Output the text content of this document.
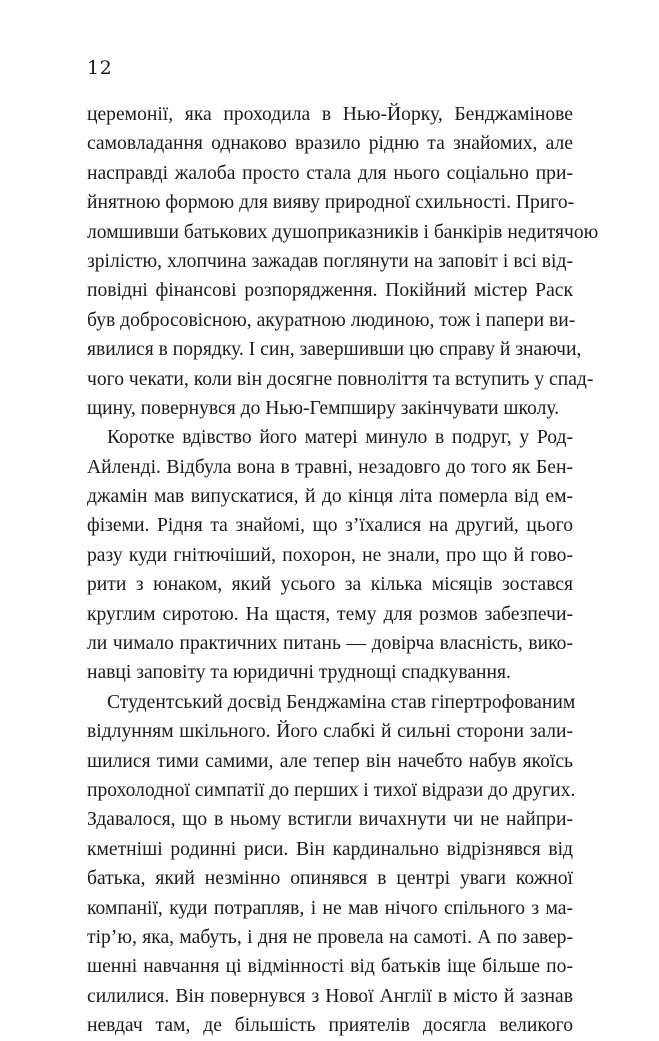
12

церемонії, яка проходила в Нью-Йорку, Бенджамінове
самовладання однаково вразило рідню та знайомих, але
насправді жалоба просто стала для нього соціально при-
йнятною формою для вияву природної схильності. Приго-
ломшивши батькових душоприказників і банкірів недитячою
зрілістю, хлопчина зажадав поглянути на заповіт і всі від-
повідні фінансові розпорядження. Покійний містер Раск
був добросовісною, акуратною людиною, тож і папери ви-
явилися в порядку. І син, завершивши цю справу й знаючи,
чого чекати, коли він досягне повноліття та вступить у спад-
щину, повернувся до Нью-Гемпширу закінчувати школу.

Коротке вдівство його матері минуло в подруг, у Род-
Айленді. Відбула вона в травні, незадовго до того як Бен-
джамін мав випускатися, й до кінця літа померла від ем-
фіземи. Рідня та знайомі, що з’їхалися на другий, цього
разу куди гнітючіший, похорон, не знали, про що й гово-
рити з юнаком, який усього за кілька місяців зостався
круглим сиротою. На щастя, тему для розмов забезпечи-
ли чимало практичних питань — довірча власність, вико-
навці заповіту та юридичні труднощі спадкування.

Студентський досвід Бенджаміна став гіпертрофованим
відлунням шкільного. Його слабкі й сильні сторони зали-
шилися тими самими, але тепер він начебто набув якоїсь
прохолодної симпатії до перших і тихої відрази до других.
Здавалося, що в ньому встигли вичахнути чи не найпри-
кметніші родинні риси. Він кардинально відрізнявся від
батька, який незмінно опинявся в центрі уваги кожної
компанії, куди потрапляв, і не мав нічого спільного з ма-
тір’ю, яка, мабуть, і дня не провела на самоті. А по завер-
шенні навчання ці відмінності від батьків іще більше по-
силилися. Він повернувся з Нової Англії в місто й зазнав
невдач там, де більшість приятелів досягла великого
